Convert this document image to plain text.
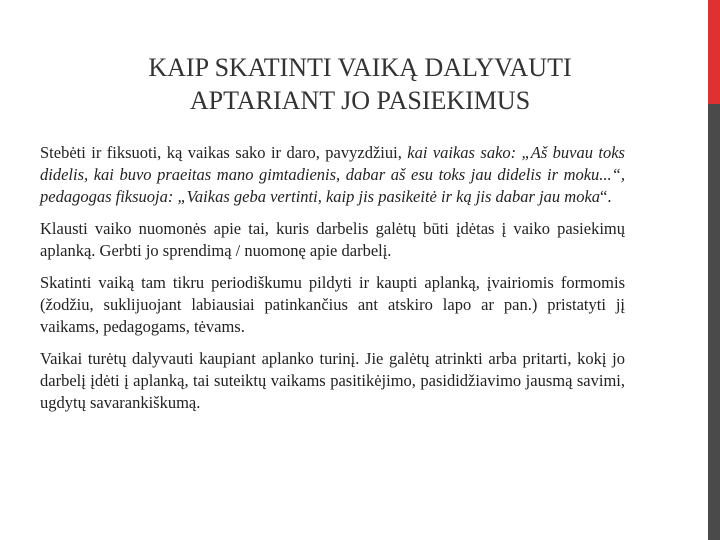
KAIP SKATINTI VAIKĄ DALYVAUTI
APTARIANT JO PASIEKIMUS

Stebėti ir fiksuoti, ką vaikas sako ir daro, pavyzdžiui, kai vaikas sako: „Aš buvau toks didelis, kai buvo praeitas mano gimtadienis, dabar aš esu toks jau didelis ir moku...“, pedagogas fiksuoja: „Vaikas geba vertinti, kaip jis pasikeitė ir ką jis dabar jau moka“.

Klausti vaiko nuomonės apie tai, kuris darbelis galėtų būti įdėtas į vaiko pasiekimų aplanką. Gerbti jo sprendimą / nuomonę apie darbelį.

Skatinti vaiką tam tikru periodiškumu pildyti ir kaupti aplanką, įvairiomis formomis (žodžiu, suklijuojant labiausiai patinkančius ant atskiro lapo ar pan.) pristatyti jį vaikams, pedagogams, tėvams.

Vaikai turėtų dalyvauti kaupiant aplanko turinį. Jie galėtų atrinkti arba pritarti, kokį jo darbelį įdėti į aplanką, tai suteiktų vaikams pasitikėjimo, pasididžiavimo jausmą savimi, ugdytų savarankiškumą.
